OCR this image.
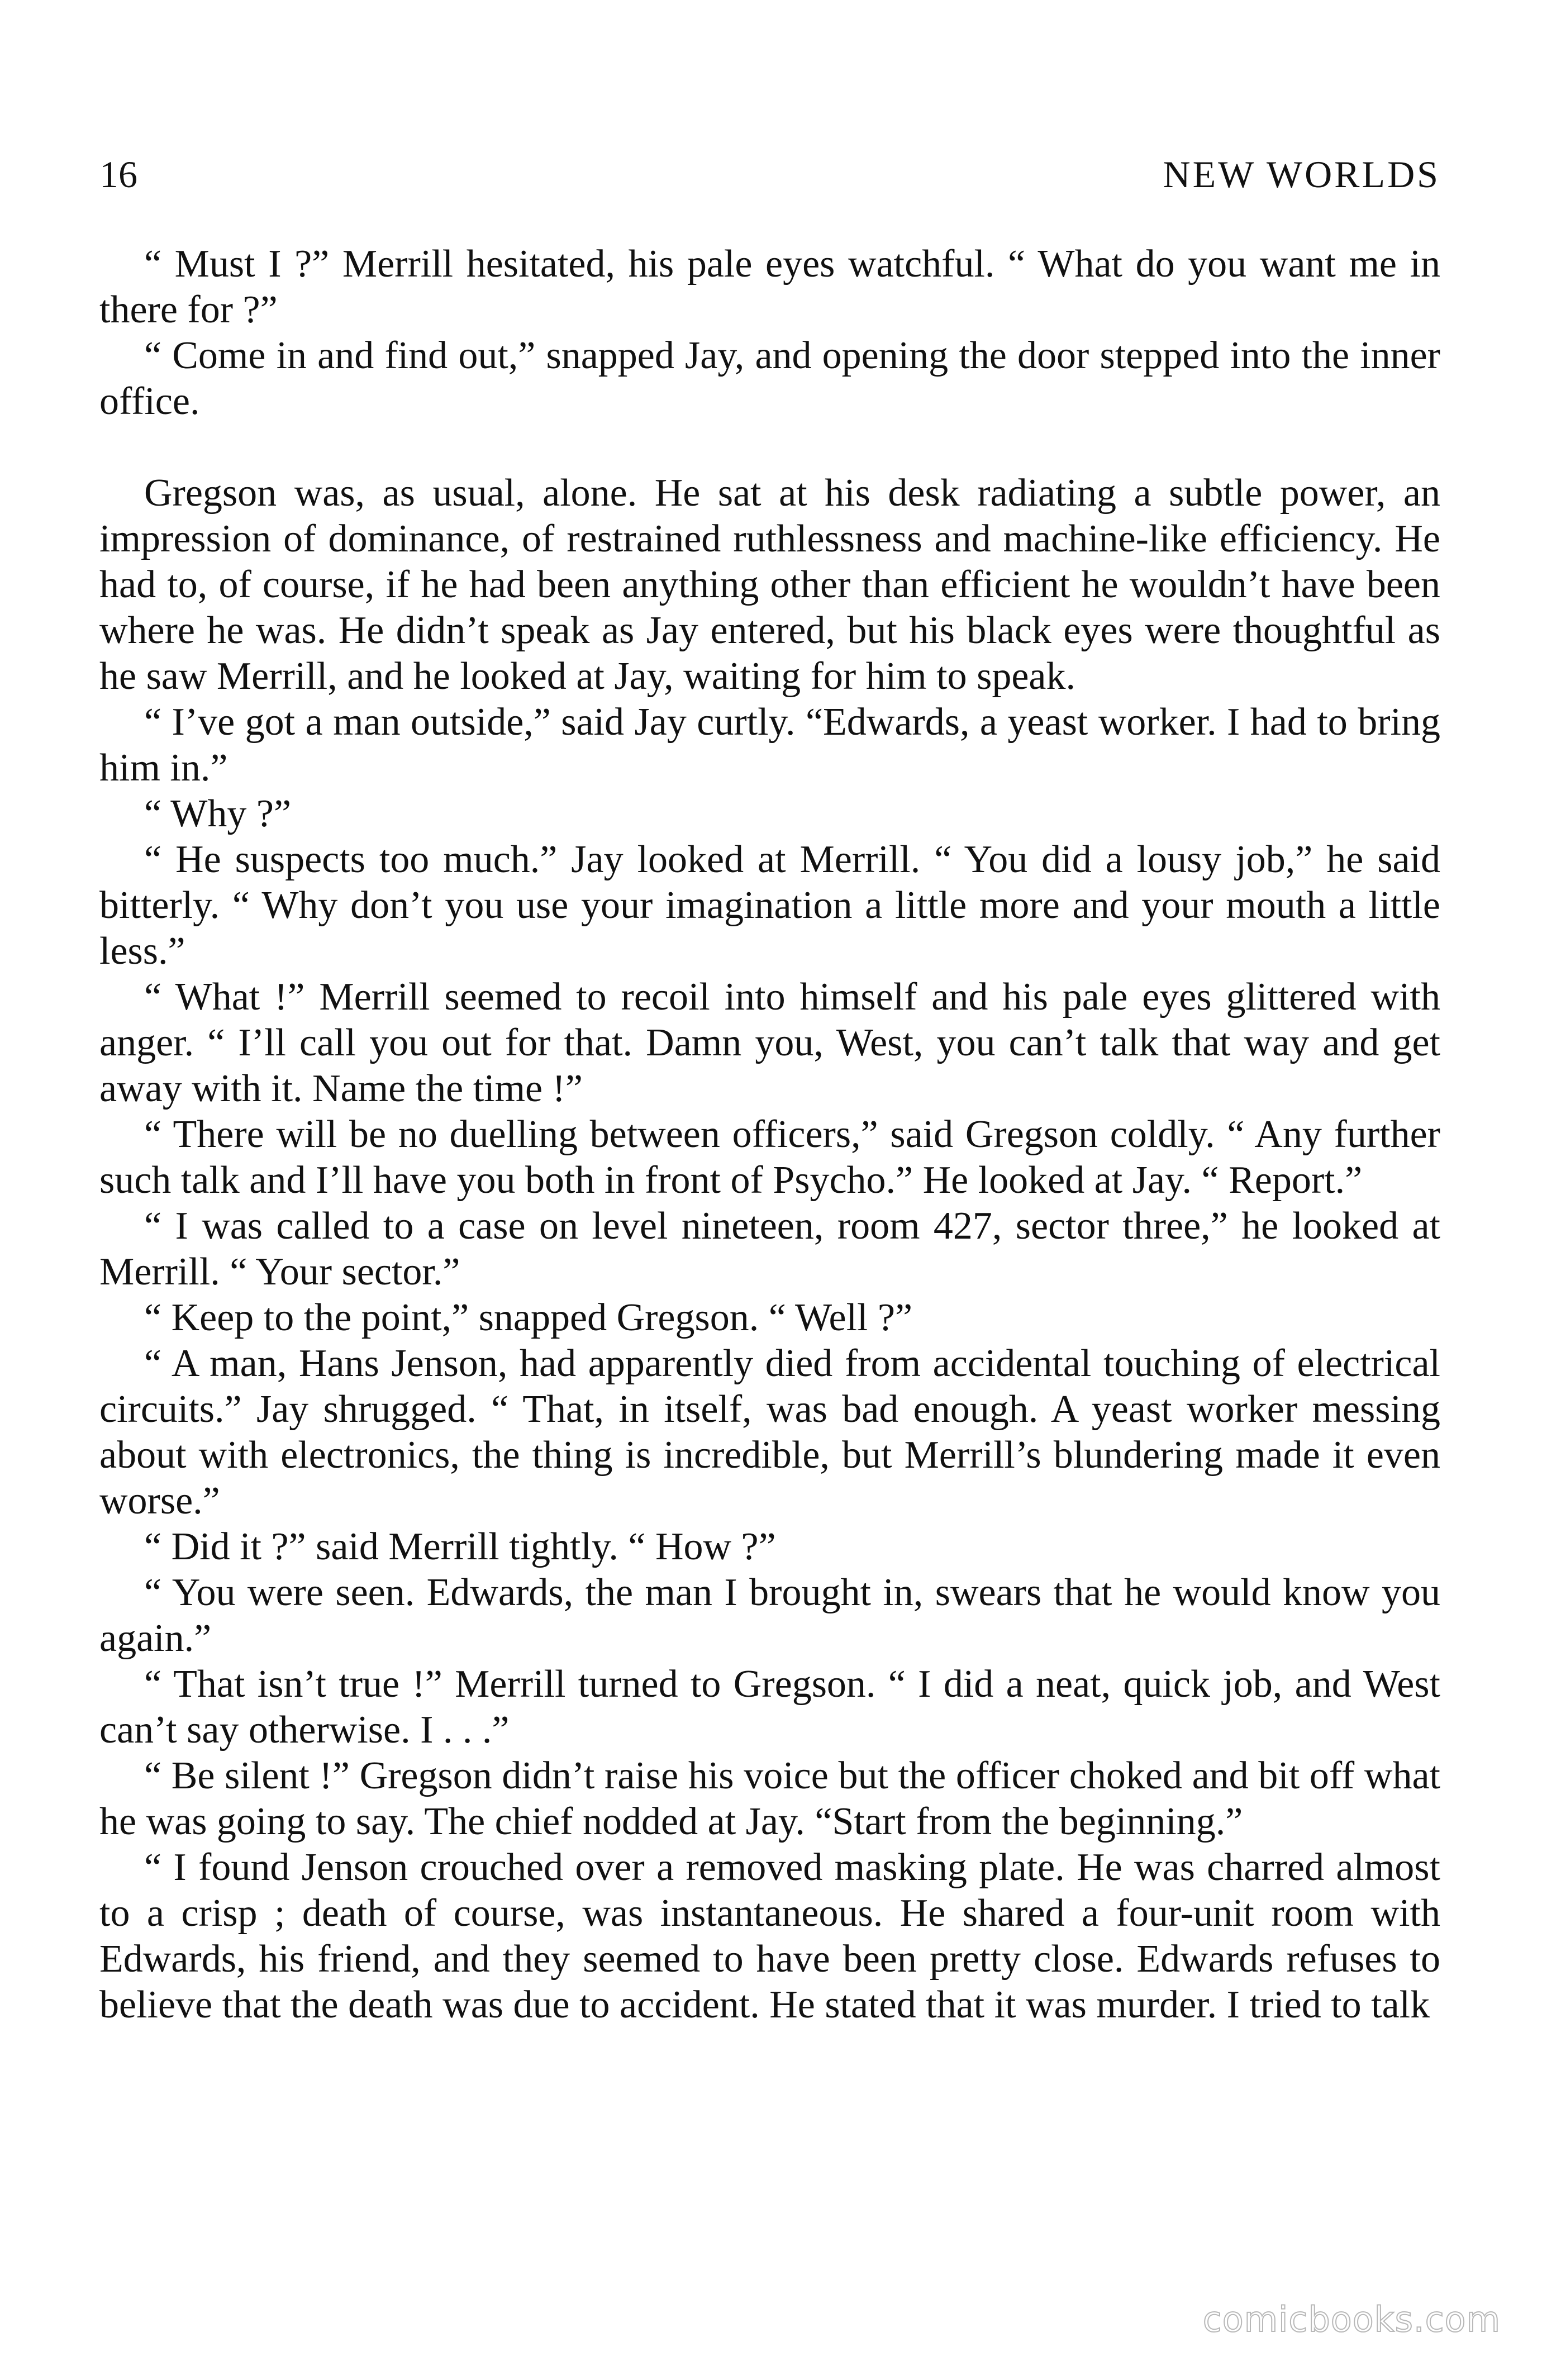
16	NEW WORLDS

“ Must I ?” Merrill hesitated, his pale eyes watchful. “ What do you want me in there for ?”

“ Come in and find out,” snapped Jay, and opening the door stepped into the inner office.

Gregson was, as usual, alone. He sat at his desk radiating a subtle power, an impression of dominance, of restrained ruthlessness and machine-like efficiency. He had to, of course, if he had been anything other than efficient he wouldn’t have been where he was. He didn’t speak as Jay entered, but his black eyes were thoughtful as he saw Merrill, and he looked at Jay, waiting for him to speak.

“ I’ve got a man outside,” said Jay curtly. “Edwards, a yeast worker. I had to bring him in.”

“ Why ?”

“ He suspects too much.” Jay looked at Merrill. “ You did a lousy job,” he said bitterly. “ Why don’t you use your imagination a little more and your mouth a little less.”

“ What !” Merrill seemed to recoil into himself and his pale eyes glittered with anger. “ I’ll call you out for that. Damn you, West, you can’t talk that way and get away with it. Name the time !”

“ There will be no duelling between officers,” said Gregson coldly. “ Any further such talk and I’ll have you both in front of Psycho.” He looked at Jay. “ Report.”

“ I was called to a case on level nineteen, room 427, sector three,” he looked at Merrill. “ Your sector.”

“ Keep to the point,” snapped Gregson. “ Well ?”

“ A man, Hans Jenson, had apparently died from accidental touching of electrical circuits.” Jay shrugged. “ That, in itself, was bad enough. A yeast worker messing about with electronics, the thing is incredible, but Merrill’s blundering made it even worse.”

“ Did it ?” said Merrill tightly. “ How ?”

“ You were seen. Edwards, the man I brought in, swears that he would know you again.”

“ That isn’t true !” Merrill turned to Gregson. “ I did a neat, quick job, and West can’t say otherwise. I . . .”

“ Be silent !” Gregson didn’t raise his voice but the officer choked and bit off what he was going to say. The chief nodded at Jay. “Start from the beginning.”

“ I found Jenson crouched over a removed masking plate. He was charred almost to a crisp ; death of course, was instantaneous. He shared a four-unit room with Edwards, his friend, and they seemed to have been pretty close. Edwards refuses to believe that the death was due to accident. He stated that it was murder. I tried to talk

comicbooks.com
